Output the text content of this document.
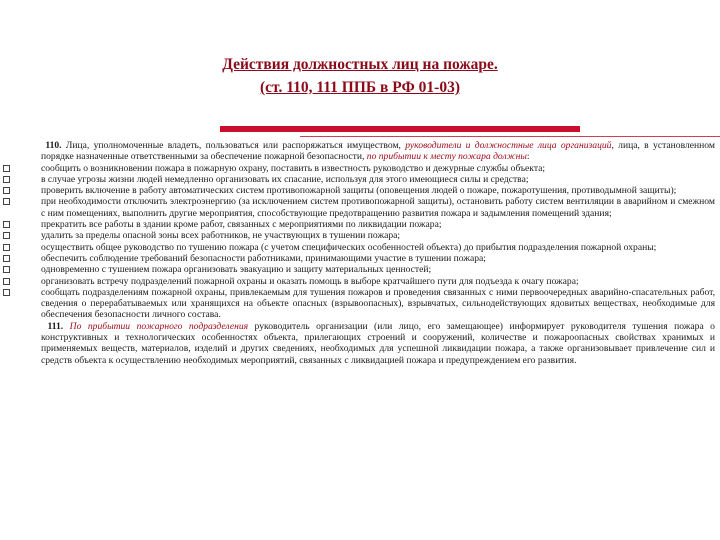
Действия должностных лиц на пожаре.
(ст. 110, 111 ППБ в РФ 01-03)

110. Лица, уполномоченные владеть, пользоваться или распоряжаться имуществом, руководители и должностные лица организаций, лица, в установленном порядке назначенные ответственными за обеспечение пожарной безопасности, по прибытии к месту пожара должны:

сообщить о возникновении пожара в пожарную охрану, поставить в известность руководство и дежурные службы объекта;
в случае угрозы жизни людей немедленно организовать их спасание, используя для этого имеющиеся силы и средства;
проверить включение в работу автоматических систем противопожарной защиты (оповещения людей о пожаре, пожаротушения, противодымной защиты);
при необходимости отключить электроэнергию (за исключением систем противопожарной защиты), остановить работу систем вентиляции в аварийном и смежном с ним помещениях, выполнить другие мероприятия, способствующие предотвращению развития пожара и задымления помещений здания;
прекратить все работы в здании кроме работ, связанных с мероприятиями по ликвидации пожара;
удалить за пределы опасной зоны всех работников, не участвующих в тушении пожара;
осуществить общее руководство по тушению пожара (с учетом специфических особенностей объекта) до прибытия подразделения пожарной охраны;
обеспечить соблюдение требований безопасности работниками, принимающими участие в тушении пожара;
одновременно с тушением пожара организовать эвакуацию и защиту материальных ценностей;
организовать встречу подразделений пожарной охраны и оказать помощь в выборе кратчайшего пути для подъезда к очагу пожара;
сообщать подразделениям пожарной охраны, привлекаемым для тушения пожаров и проведения связанных с ними первоочередных аварийно-спасательных работ, сведения о перерабатываемых или хранящихся на объекте опасных (взрывоопасных), взрывчатых, сильнодействующих ядовитых веществах, необходимые для обеспечения безопасности личного состава.

111. По прибытии пожарного подразделения руководитель организации (или лицо, его замещающее) информирует руководителя тушения пожара о конструктивных и технологических особенностях объекта, прилегающих строений и сооружений, количестве и пожароопасных свойствах хранимых и применяемых веществ, материалов, изделий и других сведениях, необходимых для успешной ликвидации пожара, а также организовывает привлечение сил и средств объекта к осуществлению необходимых мероприятий, связанных с ликвидацией пожара и предупреждением его развития.
